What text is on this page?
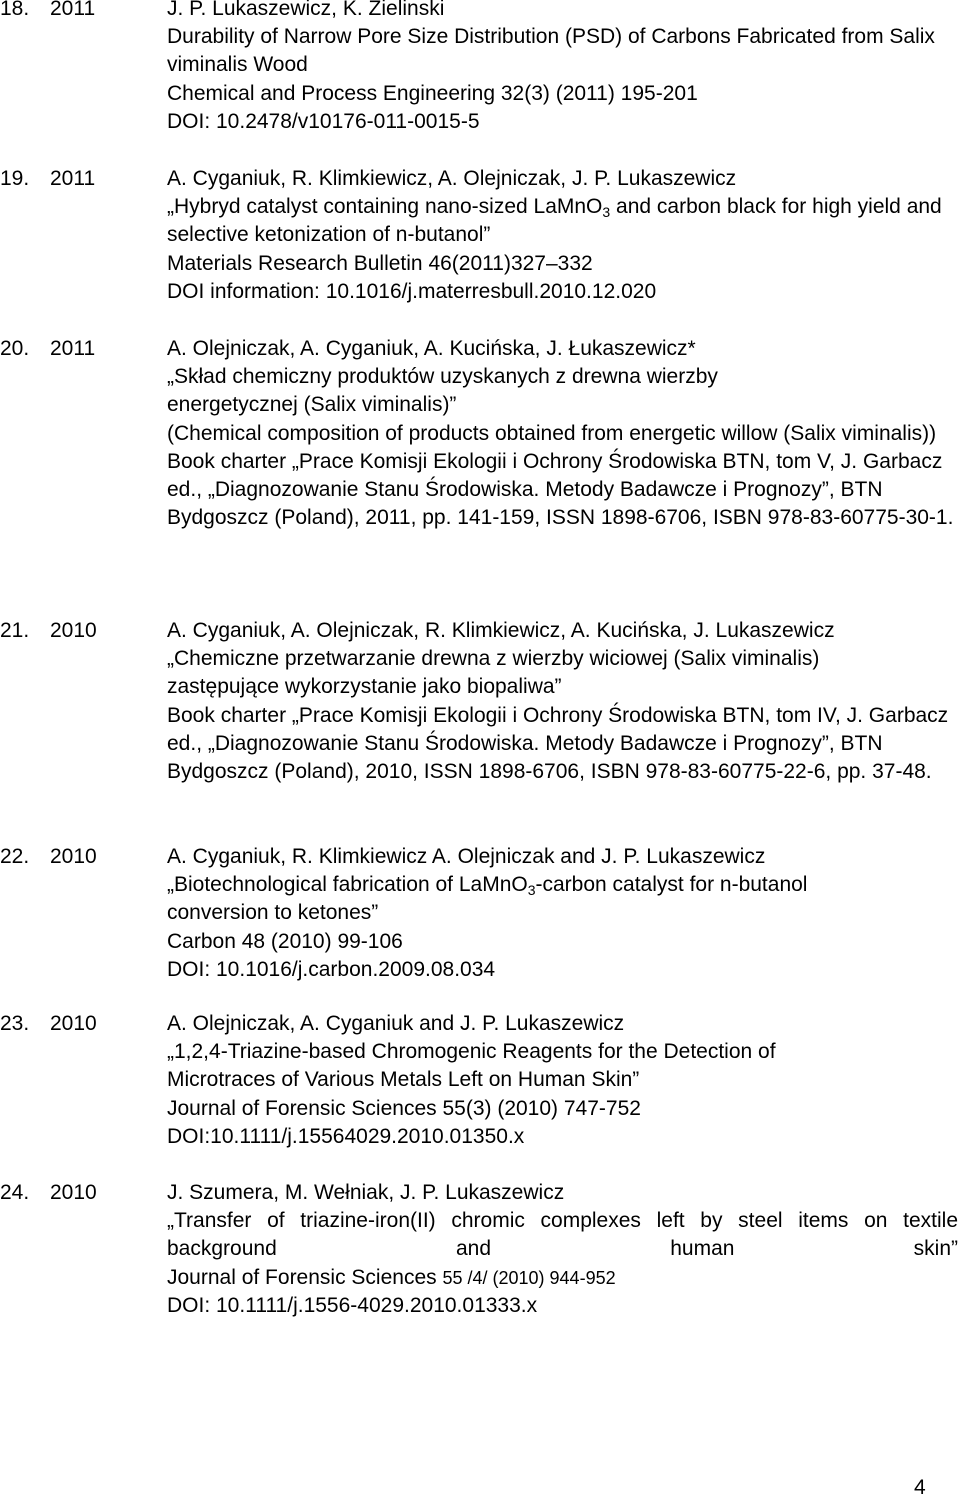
18. 2011	J. P. Lukaszewicz, K. Zielinski
Durability of Narrow Pore Size Distribution (PSD) of Carbons Fabricated from Salix viminalis Wood
Chemical and Process Engineering 32(3) (2011) 195-201
DOI: 10.2478/v10176-011-0015-5
19. 2011	A. Cyganiuk, R. Klimkiewicz, A. Olejniczak, J. P. Lukaszewicz
„Hybryd catalyst containing nano-sized LaMnO$_3$ and carbon black for high yield and selective ketonization of n-butanol”
Materials Research Bulletin 46(2011)327–332
DOI information: 10.1016/j.materresbull.2010.12.020
20. 2011	A. Olejniczak, A. Cyganiuk, A. Kucińska, J. Łukaszewicz*
„Skład chemiczny produktów uzyskanych z drewna wierzby
energetycznej (Salix viminalis)”
(Chemical composition of products obtained from energetic willow (Salix viminalis))
Book charter „Prace Komisji Ekologii i Ochrony Środowiska BTN, tom V, J. Garbacz ed., „Diagnozowanie Stanu Środowiska. Metody Badawcze i Prognozy”, BTN Bydgoszcz (Poland), 2011, pp. 141-159, ISSN 1898-6706, ISBN 978-83-60775-30-1.
21. 2010	A. Cyganiuk, A. Olejniczak, R. Klimkiewicz, A. Kucińska, J. Lukaszewicz
„Chemiczne przetwarzanie drewna z wierzby wiciowej (Salix viminalis)
zastępujące wykorzystanie jako biopaliwa”
Book charter „Prace Komisji Ekologii i Ochrony Środowiska BTN, tom IV, J. Garbacz ed., „Diagnozowanie Stanu Środowiska. Metody Badawcze i Prognozy”, BTN Bydgoszcz (Poland), 2010, ISSN 1898-6706, ISBN 978-83-60775-22-6, pp. 37-48.
22. 2010	A. Cyganiuk, R. Klimkiewicz A. Olejniczak and J. P. Lukaszewicz
„Biotechnological fabrication of LaMnO$_3$-carbon catalyst for n-butanol
conversion to ketones”
Carbon 48 (2010) 99-106
DOI: 10.1016/j.carbon.2009.08.034
23. 2010	A. Olejniczak, A. Cyganiuk and J. P. Lukaszewicz
„1,2,4-Triazine-based Chromogenic Reagents for the Detection of
Microtraces of Various Metals Left on Human Skin”
Journal of Forensic Sciences 55(3) (2010) 747-752
DOI:10.1111/j.15564029.2010.01350.x
24. 2010	J. Szumera, M. Wełniak, J. P. Lukaszewicz
„Transfer of triazine-iron(II) chromic complexes left by steel items on textile background and human skin”
Journal of Forensic Sciences 55 /4/ (2010) 944-952
DOI: 10.1111/j.1556-4029.2010.01333.x
4
